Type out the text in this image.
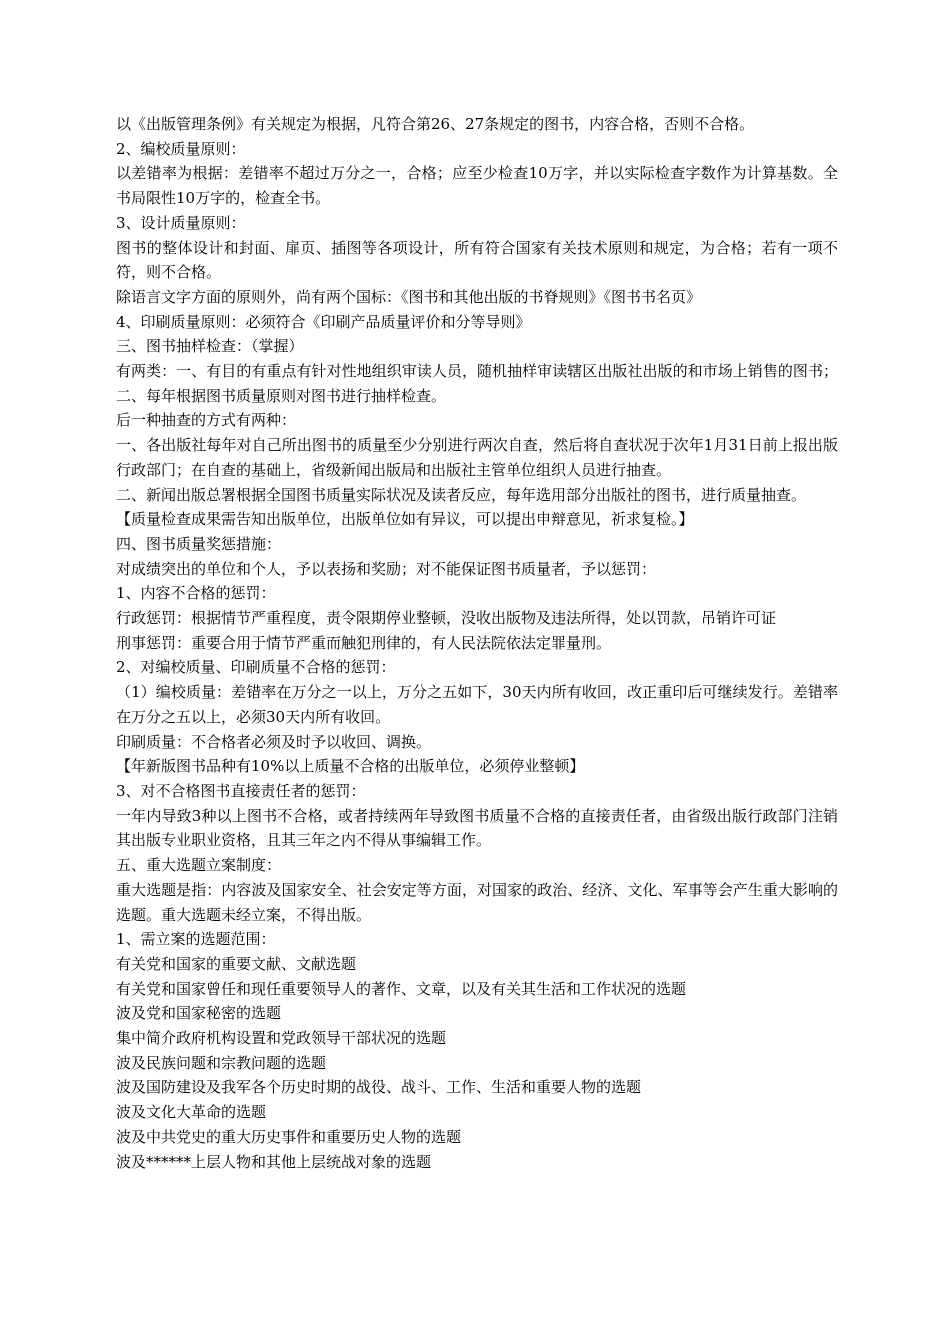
以《出版管理条例》有关规定为根据，凡符合第26、27条规定的图书，内容合格，否则不合格。

2、编校质量原则：

以差错率为根据：差错率不超过万分之一，合格；应至少检查10万字，并以实际检查字数作为计算基数。全书局限性10万字的，检查全书。

3、设计质量原则：

图书的整体设计和封面、扉页、插图等各项设计，所有符合国家有关技术原则和规定，为合格；若有一项不符，则不合格。

除语言文字方面的原则外，尚有两个国标：《图书和其他出版的书脊规则》《图书书名页》

4、印刷质量原则：必须符合《印刷产品质量评价和分等导则》

三、图书抽样检查：（掌握）

有两类：一、有目的有重点有针对性地组织审读人员，随机抽样审读辖区出版社出版的和市场上销售的图书；二、每年根据图书质量原则对图书进行抽样检查。

后一种抽查的方式有两种：

一、各出版社每年对自己所出图书的质量至少分别进行两次自查，然后将自查状况于次年1月31日前上报出版行政部门；在自查的基础上，省级新闻出版局和出版社主管单位组织人员进行抽查。

二、新闻出版总署根据全国图书质量实际状况及读者反应，每年选用部分出版社的图书，进行质量抽查。

【质量检查成果需告知出版单位，出版单位如有异议，可以提出申辩意见，祈求复检。】

四、图书质量奖惩措施：

对成绩突出的单位和个人，予以表扬和奖励；对不能保证图书质量者，予以惩罚：

1、内容不合格的惩罚：

行政惩罚：根据情节严重程度，责令限期停业整顿，没收出版物及违法所得，处以罚款，吊销许可证

刑事惩罚：重要合用于情节严重而触犯刑律的，有人民法院依法定罪量刑。

2、对编校质量、印刷质量不合格的惩罚：

（1）编校质量：差错率在万分之一以上，万分之五如下，30天内所有收回，改正重印后可继续发行。差错率在万分之五以上，必须30天内所有收回。

印刷质量：不合格者必须及时予以收回、调换。

【年新版图书品种有10%以上质量不合格的出版单位，必须停业整顿】

3、对不合格图书直接责任者的惩罚：

一年内导致3种以上图书不合格，或者持续两年导致图书质量不合格的直接责任者，由省级出版行政部门注销其出版专业职业资格，且其三年之内不得从事编辑工作。

五、重大选题立案制度：

重大选题是指：内容波及国家安全、社会安定等方面，对国家的政治、经济、文化、军事等会产生重大影响的选题。重大选题未经立案，不得出版。

1、需立案的选题范围：

有关党和国家的重要文献、文献选题

有关党和国家曾任和现任重要领导人的著作、文章，以及有关其生活和工作状况的选题

波及党和国家秘密的选题

集中简介政府机构设置和党政领导干部状况的选题

波及民族问题和宗教问题的选题

波及国防建设及我军各个历史时期的战役、战斗、工作、生活和重要人物的选题

波及文化大革命的选题

波及中共党史的重大历史事件和重要历史人物的选题

波及******上层人物和其他上层统战对象的选题
